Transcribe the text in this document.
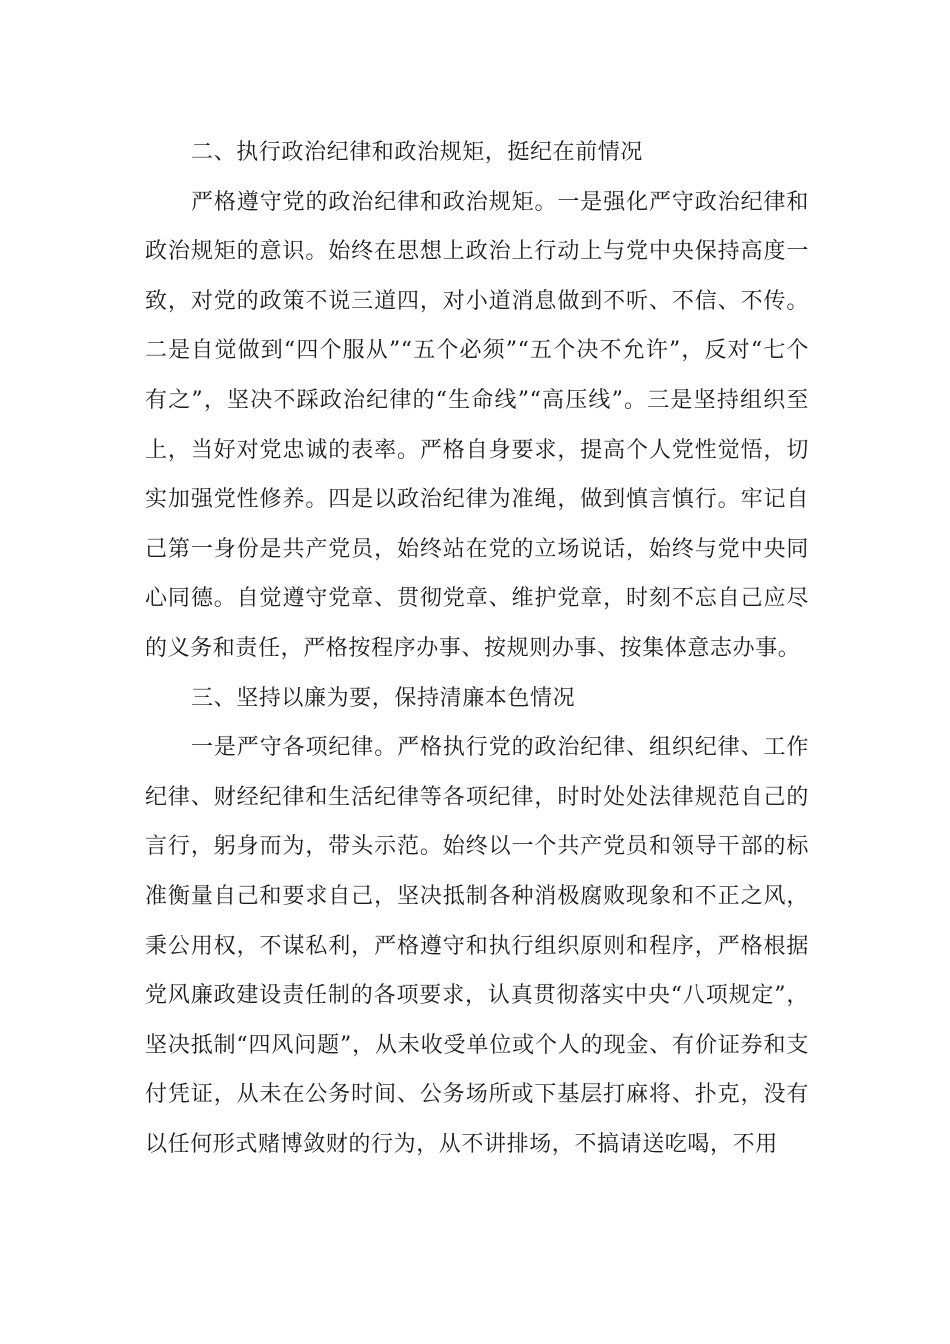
二、执行政治纪律和政治规矩，挺纪在前情况

严格遵守党的政治纪律和政治规矩。一是强化严守政治纪律和政治规矩的意识。始终在思想上政治上行动上与党中央保持高度一致，对党的政策不说三道四，对小道消息做到不听、不信、不传。二是自觉做到“四个服从”“五个必须”“五个决不允许”，反对“七个有之”，坚决不踩政治纪律的“生命线”“高压线”。三是坚持组织至上，当好对党忠诚的表率。严格自身要求，提高个人党性觉悟，切实加强党性修养。四是以政治纪律为准绳，做到慎言慎行。牢记自己第一身份是共产党员，始终站在党的立场说话，始终与党中央同心同德。自觉遵守党章、贯彻党章、维护党章，时刻不忘自己应尽的义务和责任，严格按程序办事、按规则办事、按集体意志办事。

三、坚持以廉为要，保持清廉本色情况

一是严守各项纪律。严格执行党的政治纪律、组织纪律、工作纪律、财经纪律和生活纪律等各项纪律，时时处处法律规范自己的言行，躬身而为，带头示范。始终以一个共产党员和领导干部的标准衡量自己和要求自己，坚决抵制各种消极腐败现象和不正之风，秉公用权，不谋私利，严格遵守和执行组织原则和程序，严格根据党风廉政建设责任制的各项要求，认真贯彻落实中央“八项规定”，坚决抵制“四风问题”，从未收受单位或个人的现金、有价证券和支付凭证，从未在公务时间、公务场所或下基层打麻将、扑克，没有以任何形式赌博敛财的行为，从不讲排场，不搞请送吃喝，不用
